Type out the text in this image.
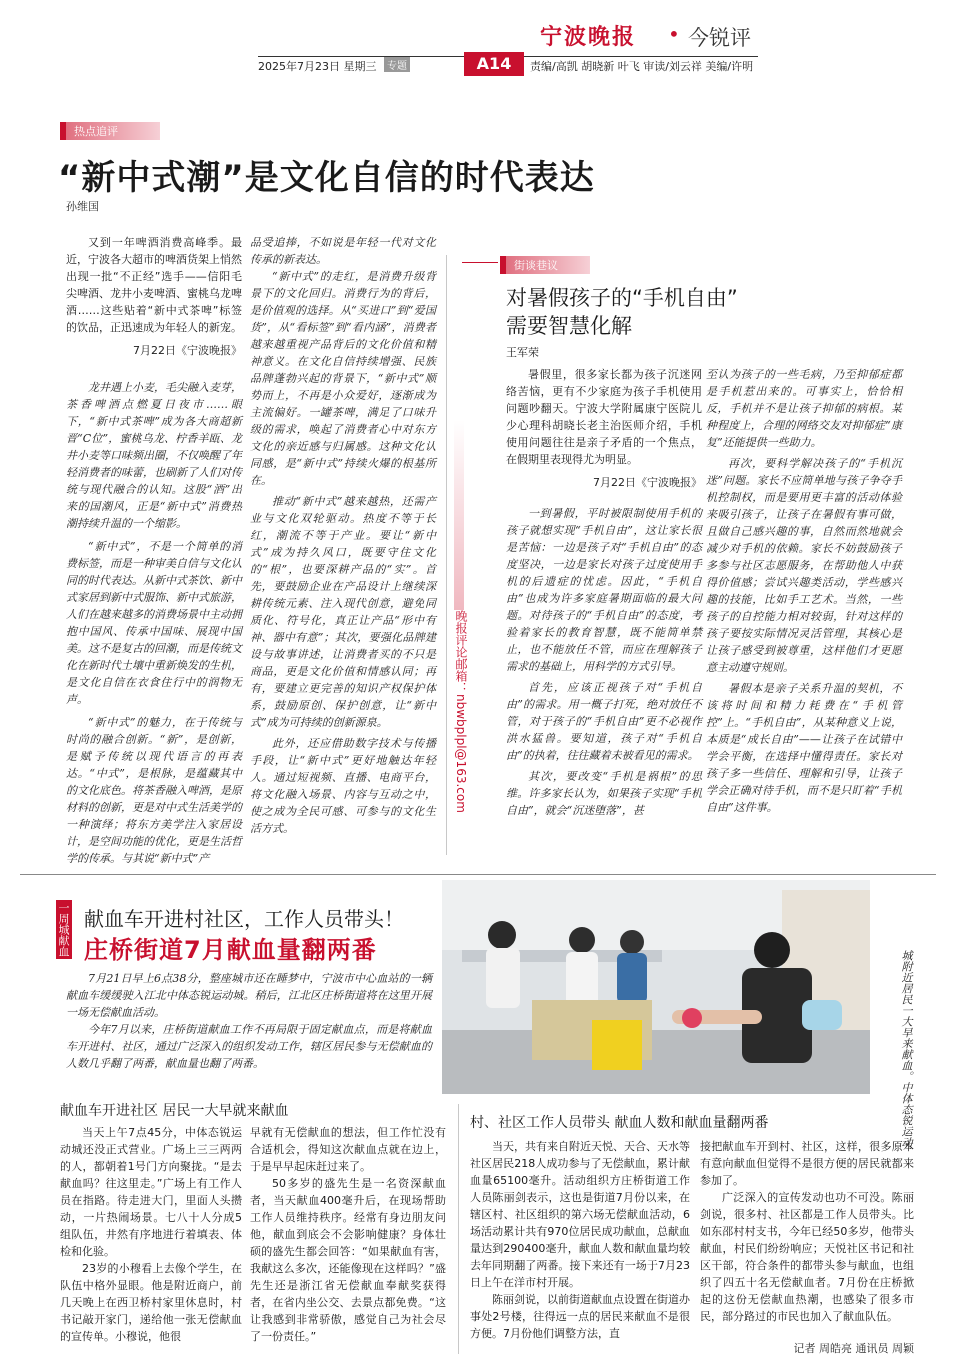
宁波晚报 • 今锐评
2025年7月23日 星期三	专题	A14	责编/高凯 胡晓新 叶飞 审读/刘云祥 美编/许明
热点追评
“新中式潮”是文化自信的时代表达
孙维国

又到一年啤酒消费高峰季。最近，宁波各大超市的啤酒货架上悄然出现一批“不正经”选手——信阳毛尖啤酒、龙井小麦啤酒、蜜桃乌龙啤酒……这些贴着“新中式茶啤”标签的饮品，正迅速成为年轻人的新宠。

7月22日《宁波晚报》

龙井遇上小麦，毛尖融入麦芽，茶香啤酒点燃夏日夜市……眼下，“新中式茶啤”成为各大商超新晋“C位”，蜜桃乌龙、柠香羊瓯、龙井小麦等口味频出圈，不仅唤醒了年轻消费者的味蕾，也刷新了人们对传统与现代融合的认知。这股“酒”出来的国潮风，正是“新中式”消费热潮持续升温的一个缩影。

“新中式”，不是一个简单的消费标签，而是一种审美自信与文化认同的时代表达。从新中式茶饮、新中式家居到新中式服饰、新中式旅游，人们在越来越多的消费场景中主动拥抱中国风、传承中国味、展现中国美。这不是复古的回潮，而是传统文化在新时代土壤中重新焕发的生机，是文化自信在衣食住行中的润物无声。

“新中式”的魅力，在于传统与时尚的融合创新。“新”，是创新，是赋予传统以现代语言的再表达。“中式”，是根脉，是蕴藏其中的文化底色。将茶香融入啤酒，是原材料的创新，更是对中式生活美学的一种演绎；将东方美学注入家居设计，是空间功能的优化，更是生活哲学的传承。与其说“新中式”产

品受追捧，不如说是年轻一代对文化传承的新表达。

“新中式”的走红，是消费升级背景下的文化回归。消费行为的背后，是价值观的选择。从“买进口”到“爱国货”，从“看标签”到“看内涵”，消费者越来越重视产品背后的文化价值和精神意义。在文化自信持续增强、民族品牌蓬勃兴起的背景下，“新中式”顺势而上，不再是小众爱好，逐渐成为主流偏好。一罐茶啤，满足了口味升级的需求，唤起了消费者心中对东方文化的亲近感与归属感。这种文化认同感，是“新中式”持续火爆的根基所在。

推动“新中式”越来越热，还需产业与文化双轮驱动。热度不等于长红，潮流不等于产业。要让“新中式”成为持久风口，既要守住文化的“根”，也要深耕产品的“实”。首先，要鼓励企业在产品设计上继续深耕传统元素、注入现代创意，避免同质化、符号化，真正让产品“形中有神、器中有意”；其次，要强化品牌建设与故事讲述，让消费者买的不只是商品，更是文化价值和情感认同；再有，要建立更完善的知识产权保护体系，鼓励原创、保护创意，让“新中式”成为可持续的创新源泉。

此外，还应借助数字技术与传播手段，让“新中式”更好地触达年轻人。通过短视频、直播、电商平台，将文化融入场景、内容与互动之中，使之成为全民可感、可参与的文化生活方式。

晚报评论邮箱：nbwbplpl@163.com
街谈巷议
对暑假孩子的“手机自由”
需要智慧化解
王军荣

暑假里，很多家长都为孩子沉迷网络苦恼，更有不少家庭为孩子手机使用问题吵翻天。宁波大学附属康宁医院儿少心理科胡晓长老主治医师介绍，手机使用问题往往是亲子矛盾的一个焦点，在假期里表现得尤为明显。

7月22日《宁波晚报》

一到暑假，平时被限制使用手机的孩子就想实现“手机自由”，这让家长很是苦恼：一边是孩子对“手机自由”的态度坚决，一边是家长对孩子过度使用手机的后遗症的忧虑。因此，“手机自由”也成为许多家庭暑期面临的最大问题。对待孩子的“手机自由”的态度，考验着家长的教育智慧，既不能简单禁止，也不能放任不管，而应在理解孩子需求的基础上，用科学的方式引导。

首先，应该正视孩子对“手机自由”的需求。用一概子打死，绝对放任不管，对于孩子的“手机自由”更不必视作洪水猛兽。要知道，孩子对“手机自由”的执着，往往藏着未被看见的需求。

其次，要改变“手机是祸根”的思维。许多家长认为，如果孩子实现“手机自由”，就会“沉迷堕落”，甚

至认为孩子的一些毛病，乃至抑郁症都是手机惹出来的。可事实上，恰恰相反，手机并不是让孩子抑郁的病根。某种程度上，合理的网络交友对抑郁症“康复”还能提供一些助力。

再次，要科学解决孩子的“手机沉迷”问题。家长不应简单地与孩子争夺手机控制权，而是要用更丰富的活动体验来吸引孩子，让孩子在暑假有事可做，且做自己感兴趣的事，自然而然地就会减少对手机的依赖。家长不妨鼓励孩子多参与社区志愿服务，在帮助他人中获得价值感；尝试兴趣类活动，学些感兴趣的技能，比如手工艺术。当然，一些孩子的自控能力相对较弱，针对这样的孩子要按实际情况灵活管理，其核心是让孩子感受到被尊重，这样他们才更愿意主动遵守规则。

暑假本是亲子关系升温的契机，不该将时间和精力耗费在“手机管控”上。“手机自由”，从某种意义上说，本质是“成长自由”——让孩子在试错中学会平衡，在选择中懂得责任。家长对孩子多一些信任、理解和引导，让孩子学会正确对待手机，而不是只盯着“手机自由”这件事。

一周城献血 献血车开进村社区，工作人员带头！
庄桥街道7月献血量翻两番

7月21日早上6点38分，整座城市还在睡梦中，宁波市中心血站的一辆献血车缓缓驶入江北中体态锐运动城。稍后，江北区庄桥街道将在这里开展一场无偿献血活动。

今年7月以来，庄桥街道献血工作不再局限于固定献血点，而是将献血车开进村、社区，通过广泛深入的组织发动工作，辖区居民参与无偿献血的人数几乎翻了两番，献血量也翻了两番。	城附近居民一大早来献血。中体态锐运动
献血车开进社区 居民一大早就来献血
村、社区工作人员带头 献血人数和献血量翻两番

当天上午7点45分，中体态锐运动城还没正式营业。广场上三三两两的人，都朝着1号门方向聚拢。“是去献血吗？往这里走。”广场上有工作人员在指路。待走进大门，里面人头攒动，一片热闹场景。七八十人分成5组队伍，井然有序地进行着填表、体检和化验。

23岁的小穆看上去像个学生，在队伍中格外显眼。他是附近商户，前几天晚上在西卫桥村家里休息时，村书记敲开家门，递给他一张无偿献血的宣传单。小穆说，他很

早就有无偿献血的想法，但工作忙没有合适机会，得知这次献血点就在边上，于是早早起床赶过来了。

50多岁的盛先生是一名资深献血者，当天献血400毫升后，在现场帮助工作人员维持秩序。经常有身边朋友问他，献血到底会不会影响健康？身体壮硕的盛先生都会回答：“如果献血有害，我献这么多次，还能像现在这样吗？”盛先生还是浙江省无偿献血奉献奖获得者，在省内坐公交、去景点都免费。“这让我感到非常骄傲，感觉自己为社会尽了一份责任。”

当天，共有来自附近天悦、天合、天水等社区居民218人成功参与了无偿献血，累计献血量65100毫升。活动组织方庄桥街道工作人员陈丽剑表示，这也是街道7月份以来，在辖区村、社区组织的第六场无偿献血活动，6场活动累计共有970位居民成功献血，总献血量达到290400毫升，献血人数和献血量均较去年同期翻了两番。接下来还有一场于7月23日上午在洋市村开展。

陈丽剑说，以前街道献血点设置在街道办事处2号楼，往得远一点的居民来献血不是很方便。7月份他们调整方法，直

接把献血车开到村、社区，这样，很多原本有意向献血但觉得不是很方便的居民就都来参加了。

广泛深入的宣传发动也功不可没。陈丽剑说，很多村、社区都是工作人员带头。比如东邵村村支书，今年已经50多岁，他带头献血，村民们纷纷响应；天悦社区书记和社区干部，符合条件的都带头参与献血，也组织了四五十名无偿献血者。7月份在庄桥掀起的这份无偿献血热潮，也感染了很多市民，部分路过的市民也加入了献血队伍。

记者 周皓亮 通讯员 周颖
